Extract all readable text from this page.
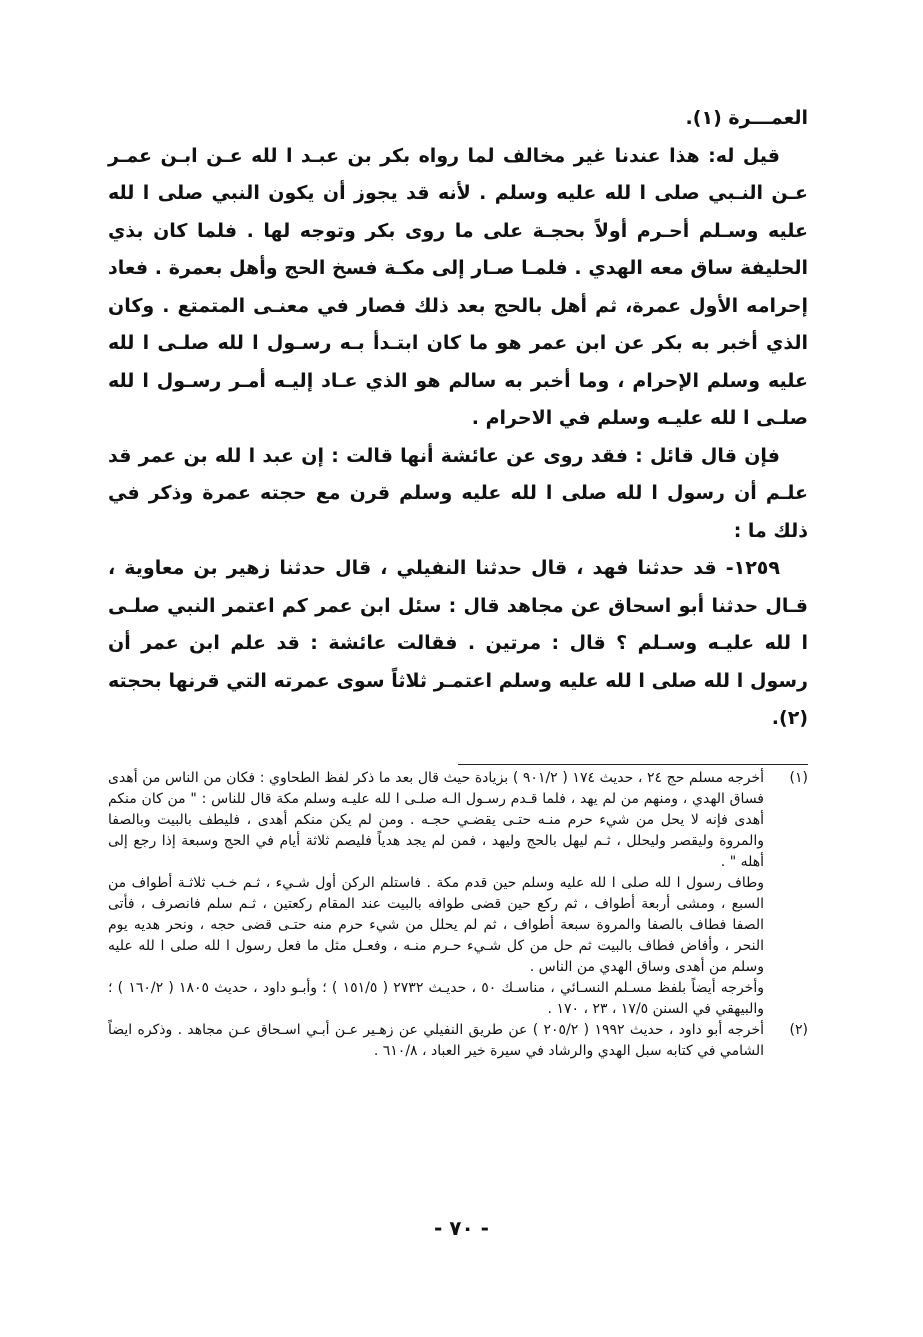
العمـــرة (١).

قيل له: هذا عندنا غير مخالف لما رواه بكر بن عبـد ا لله عـن ابـن عمـر عـن النـبي صلى ا لله عليه وسلم . لأنه قد يجوز أن يكون النبي صلى ا لله عليه وسـلم أحـرم أولاً بحجـة على ما روى بكر وتوجه لها . فلما كان بذي الحليفة ساق معه الهدي . فلمـا صـار إلى مكـة فسخ الحج وأهل بعمرة . فعاد إحرامه الأول عمرة، ثم أهل بالحج بعد ذلك فصار في معنـى المتمتع . وكان الذي أخبر به بكر عن ابن عمر هو ما كان ابتـدأ بـه رسـول ا لله صلـى ا لله عليه وسلم الإحرام ، وما أخبر به سالم هو الذي عـاد إليـه أمـر رسـول ا لله صلـى ا لله عليـه وسلم في الاحرام .

فإن قال قائل : فقد روى عن عائشة أنها قالت : إن عبد ا لله بن عمر قد علـم أن رسول ا لله صلى ا لله عليه وسلم قرن مع حجته عمرة وذكر في ذلك ما :

١٢٥٩- قد حدثنا فهد ، قال حدثنا النفيلي ، قال حدثنا زهير بن معاوية ، قـال حدثنا أبو اسحاق عن مجاهد قال : سئل ابن عمر كم اعتمر النبي صلـى ا لله عليـه وسـلم ؟ قال : مرتين . فقالت عائشة : قد علم ابن عمر أن رسول ا لله صلى ا لله عليه وسلم اعتمـر ثلاثاً سوى عمرته التي قرنها بحجته (٢).

(١)

أخرجه مسلم حج ٢٤ ، حديث ١٧٤ ( ٩٠١/٢ ) بزيادة حيث قال بعد ما ذكر لفظ الطحاوي : فكان من الناس من أهدى فساق الهدي ، ومنهم من لم يهد ، فلما قـدم رسـول الـه صلـى ا لله عليـه وسلم مكة قال للناس : " من كان منكم أهدى فإنه لا يحل من شيء حرم منـه حتـى يقضـي حجـه . ومن لم يكن منكم أهدى ، فليطف بالبيت وبالصفا والمروة وليقصر وليحلل ، ثـم ليهل بالحج وليهد ، فمن لم يجد هدياً فليصم ثلاثة أيام في الحج وسبعة إذا رجع إلى أهله " .

وطاف رسول ا لله صلى ا لله عليه وسلم حين قدم مكة . فاستلم الركن أول شـيء ، ثـم خـب ثلاثـة أطواف من السبع ، ومشى أربعة أطواف ، ثم ركع حين قضى طوافه بالبيت عند المقام ركعتين ، ثـم سلم فانصرف ، فأتى الصفا فطاف بالصفا والمروة سبعة أطواف ، ثم لم يحلل من شيء حرم منه حتـى قضى حجه ، ونحر هديه يوم النحر ، وأفاض فطاف بالبيت ثم حل من كل شـيء حـرم منـه ، وفعـل مثل ما فعل رسول ا لله صلى ا لله عليه وسلم من أهدى وساق الهدي من الناس .

وأخرجه أيضاً بلفظ مسـلم النسـائي ، مناسـك ٥٠ ، حديـث ٢٧٣٢ ( ١٥١/٥ ) ؛ وأبـو داود ، حديث ١٨٠٥ ( ١٦٠/٢ ) ؛ والبيهقي في السنن ١٧/٥ ، ٢٣ ، ١٧٠ .

(٢)

أخرجه أبو داود ، حديث ١٩٩٢ ( ٢٠٥/٢ ) عن طريق النفيلي عن زهـير عـن أبـي اسـحاق عـن مجاهد . وذكره ايضاً الشامي في كتابه سبل الهدي والرشاد في سيرة خير العباد ، ٦١٠/٨ .

- ٧٠ -
